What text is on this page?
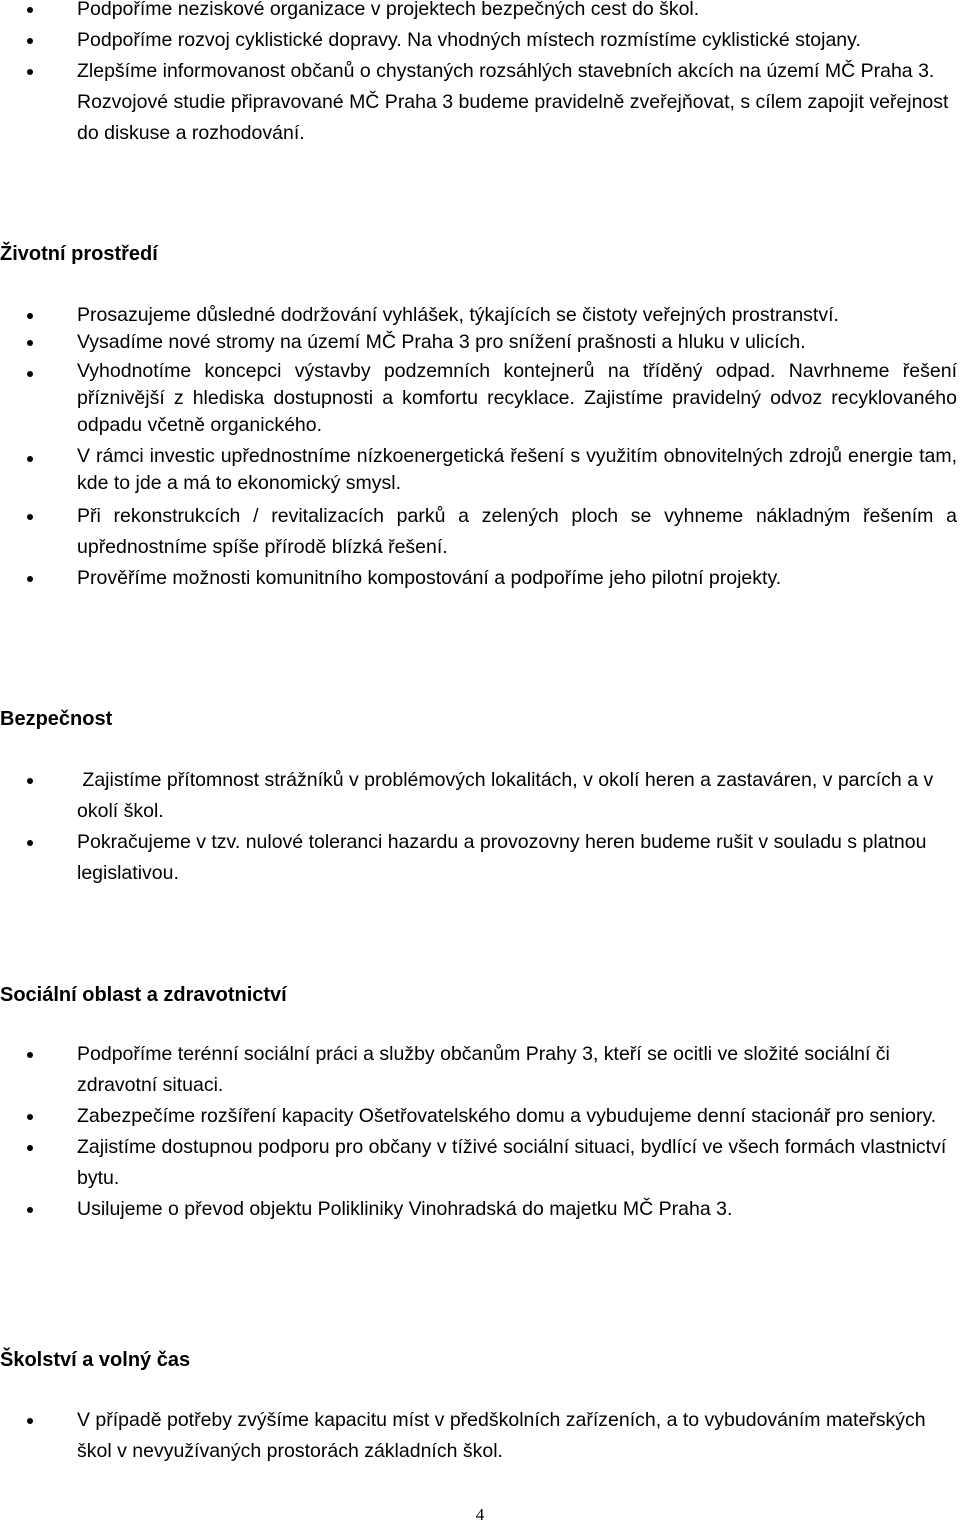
Podpoříme neziskové organizace v projektech bezpečných cest do škol.
Podpoříme rozvoj cyklistické dopravy. Na vhodných místech rozmístíme cyklistické stojany.
Zlepšíme informovanost občanů o chystaných rozsáhlých stavebních akcích na území MČ Praha 3. Rozvojové studie připravované MČ Praha 3 budeme pravidelně zveřejňovat, s cílem zapojit veřejnost do diskuse a rozhodování.
Životní prostředí
Prosazujeme důsledné dodržování vyhlášek, týkajících se čistoty veřejných prostranství.
Vysadíme nové stromy na území MČ Praha 3 pro snížení prašnosti a hluku v ulicích.
Vyhodnotíme koncepci výstavby podzemních kontejnerů na tříděný odpad. Navrhneme řešení příznivější z hlediska dostupnosti a komfortu recyklace. Zajistíme pravidelný odvoz recyklovaného odpadu včetně organického.
V rámci investic upřednostníme nízkoenergetická řešení s využitím obnovitelných zdrojů energie tam, kde to jde a má to ekonomický smysl.
Při rekonstrukcích / revitalizacích parků a zelených ploch se vyhneme nákladným řešením a upřednostníme spíše přírodě blízká řešení.
Prověříme možnosti komunitního kompostování a podpoříme jeho pilotní projekty.
Bezpečnost
Zajistíme přítomnost strážníků v problémových lokalitách, v okolí heren a zastaváren, v parcích a v okolí škol.
Pokračujeme v tzv. nulové toleranci hazardu a provozovny heren budeme rušit v souladu s platnou legislativou.
Sociální oblast a zdravotnictví
Podpoříme terénní sociální práci a služby občanům Prahy 3, kteří se ocitli ve složité sociální či zdravotní situaci.
Zabezpečíme rozšíření kapacity Ošetřovatelského domu a vybudujeme denní stacionář pro seniory.
Zajistíme dostupnou podporu pro občany v tíživé sociální situaci, bydlící ve všech formách vlastnictví bytu.
Usilujeme o převod objektu Polikliniky Vinohradská do majetku MČ Praha 3.
Školství a volný čas
V případě potřeby zvýšíme kapacitu míst v předškolních zařízeních, a to vybudováním mateřských škol v nevyužívaných prostorách základních škol.
4
